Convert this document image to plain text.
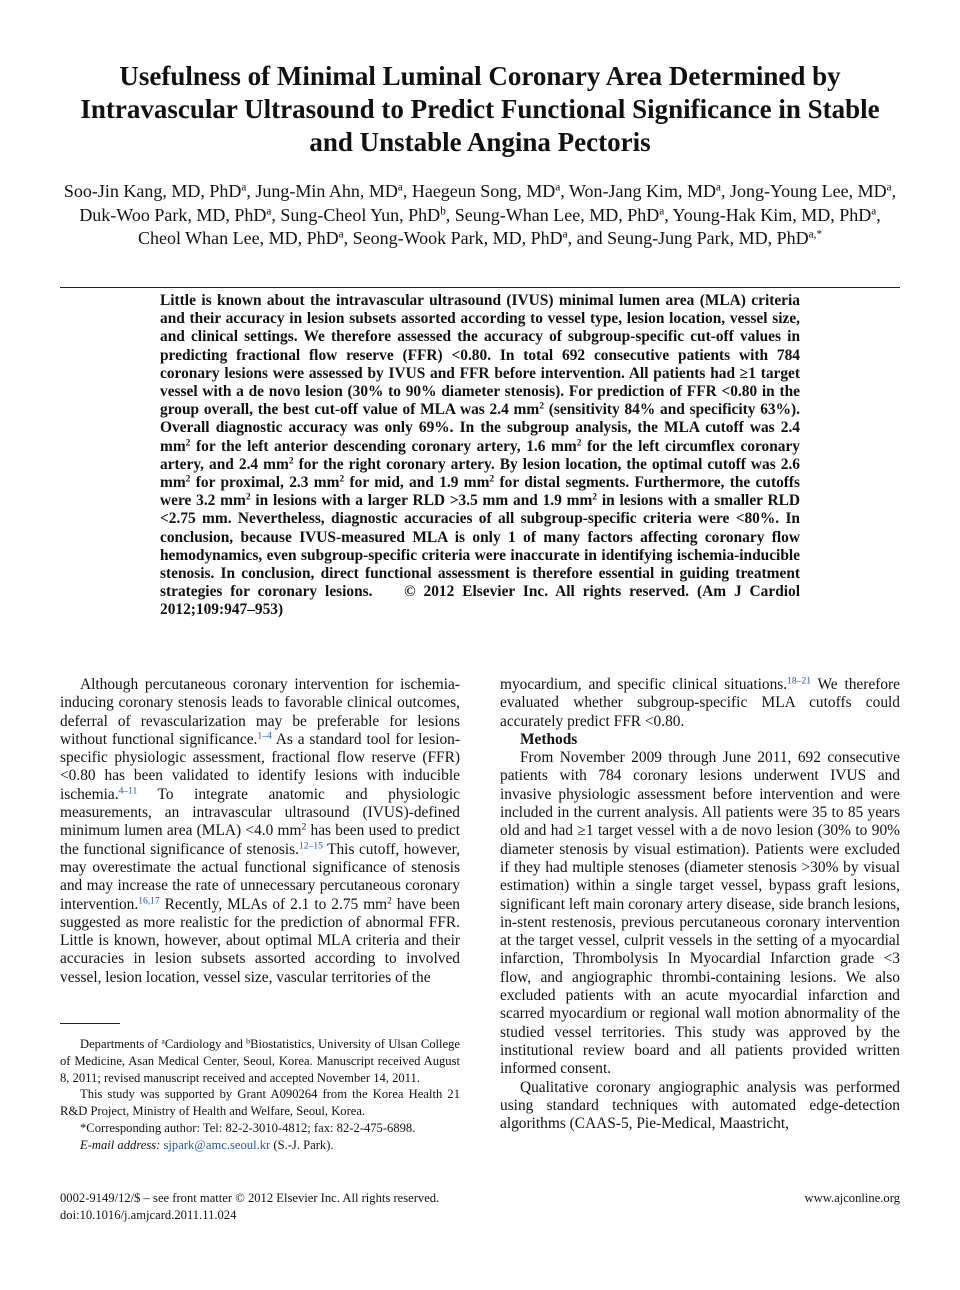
Usefulness of Minimal Luminal Coronary Area Determined by Intravascular Ultrasound to Predict Functional Significance in Stable and Unstable Angina Pectoris
Soo-Jin Kang, MD, PhD$^a$, Jung-Min Ahn, $MD^a$, Haegeun Song, $MD^a$, Won-Jang Kim, $MD^a$, Jong-Young Lee, $MD^a$, Duk-Woo Park, MD, PhD$^a$, Sung-Cheol Yun, PhD$^b$, Seung-Whan Lee, MD, PhD$^a$, Young-Hak Kim, MD, PhD$^a$, Cheol Whan Lee, MD, PhD$^a$, Seong-Wook Park, MD, PhD$^a$, and Seung-Jung Park, MD, PhD$^{a,*}$
Little is known about the intravascular ultrasound (IVUS) minimal lumen area (MLA) criteria and their accuracy in lesion subsets assorted according to vessel type, lesion location, vessel size, and clinical settings. We therefore assessed the accuracy of subgroup-specific cut-off values in predicting fractional flow reserve (FFR) <0.80. In total 692 consecutive patients with 784 coronary lesions were assessed by IVUS and FFR before intervention. All patients had ≥1 target vessel with a de novo lesion (30% to 90% diameter stenosis). For prediction of FFR <0.80 in the group overall, the best cut-off value of MLA was 2.4 $mm^2$ (sensitivity 84% and specificity 63%). Overall diagnostic accuracy was only 69%. In the subgroup analysis, the MLA cutoff was 2.4 $mm^2$ for the left anterior descending coronary artery, 1.6 $mm^2$ for the left circumflex coronary artery, and 2.4 $mm^2$ for the right coronary artery. By lesion location, the optimal cutoff was 2.6 $mm^2$ for proximal, 2.3 $mm^2$ for mid, and 1.9 $mm^2$ for distal segments. Furthermore, the cutoffs were 3.2 $mm^2$ in lesions with a larger RLD >3.5 mm and 1.9 $mm^2$ in lesions with a smaller RLD <2.75 mm. Nevertheless, diagnostic accuracies of all subgroup-specific criteria were <80%. In conclusion, because IVUS-measured MLA is only 1 of many factors affecting coronary flow hemodynamics, even subgroup-specific criteria were inaccurate in identifying ischemia-inducible stenosis. In conclusion, direct functional assessment is therefore essential in guiding treatment strategies for coronary lesions. © 2012 Elsevier Inc. All rights reserved. (Am J Cardiol 2012;109:947–953)

Although percutaneous coronary intervention for ischemia-inducing coronary stenosis leads to favorable clinical outcomes, deferral of revascularization may be preferable for lesions without functional significance.$^{1-4}$ As a standard tool for lesion-specific physiologic assessment, fractional flow reserve (FFR) <0.80 has been validated to identify lesions with inducible ischemia.$^{4-11}$ To integrate anatomic and physiologic measurements, an intravascular ultrasound (IVUS)-defined minimum lumen area (MLA) <4.0 $mm^2$ has been used to predict the functional significance of stenosis.$^{12-15}$ This cutoff, however, may overestimate the actual functional significance of stenosis and may increase the rate of unnecessary percutaneous coronary intervention.$^{16,17}$ Recently, MLAs of 2.1 to 2.75 $mm^2$ have been suggested as more realistic for the prediction of abnormal FFR. Little is known, however, about optimal MLA criteria and their accuracies in lesion subsets assorted according to involved vessel, lesion location, vessel size, vascular territories of the

myocardium, and specific clinical situations.$^{18-21}$ We therefore evaluated whether subgroup-specific MLA cutoffs could accurately predict FFR <0.80.

Methods

From November 2009 through June 2011, 692 consecutive patients with 784 coronary lesions underwent IVUS and invasive physiologic assessment before intervention and were included in the current analysis. All patients were 35 to 85 years old and had ≥1 target vessel with a de novo lesion (30% to 90% diameter stenosis by visual estimation). Patients were excluded if they had multiple stenoses (diameter stenosis >30% by visual estimation) within a single target vessel, bypass graft lesions, significant left main coronary artery disease, side branch lesions, in-stent restenosis, previous percutaneous coronary intervention at the target vessel, culprit vessels in the setting of a myocardial infarction, Thrombolysis In Myocardial Infarction grade <3 flow, and angiographic thrombi-containing lesions. We also excluded patients with an acute myocardial infarction and scarred myocardium or regional wall motion abnormality of the studied vessel territories. This study was approved by the institutional review board and all patients provided written informed consent.

Qualitative coronary angiographic analysis was performed using standard techniques with automated edge-detection algorithms (CAAS-5, Pie-Medical, Maastricht,

Departments of $^a$Cardiology and $^b$Biostatistics, University of Ulsan College of Medicine, Asan Medical Center, Seoul, Korea. Manuscript received August 8, 2011; revised manuscript received and accepted November 14, 2011.

This study was supported by Grant A090264 from the Korea Health 21 R&D Project, Ministry of Health and Welfare, Seoul, Korea.

*Corresponding author: Tel: 82-2-3010-4812; fax: 82-2-475-6898.

E-mail address: sjpark@amc.seoul.kr (S.-J. Park).

0002-9149/12/$ – see front matter © 2012 Elsevier Inc. All rights reserved.
doi:10.1016/j.amjcard.2011.11.024
www.ajconline.org
